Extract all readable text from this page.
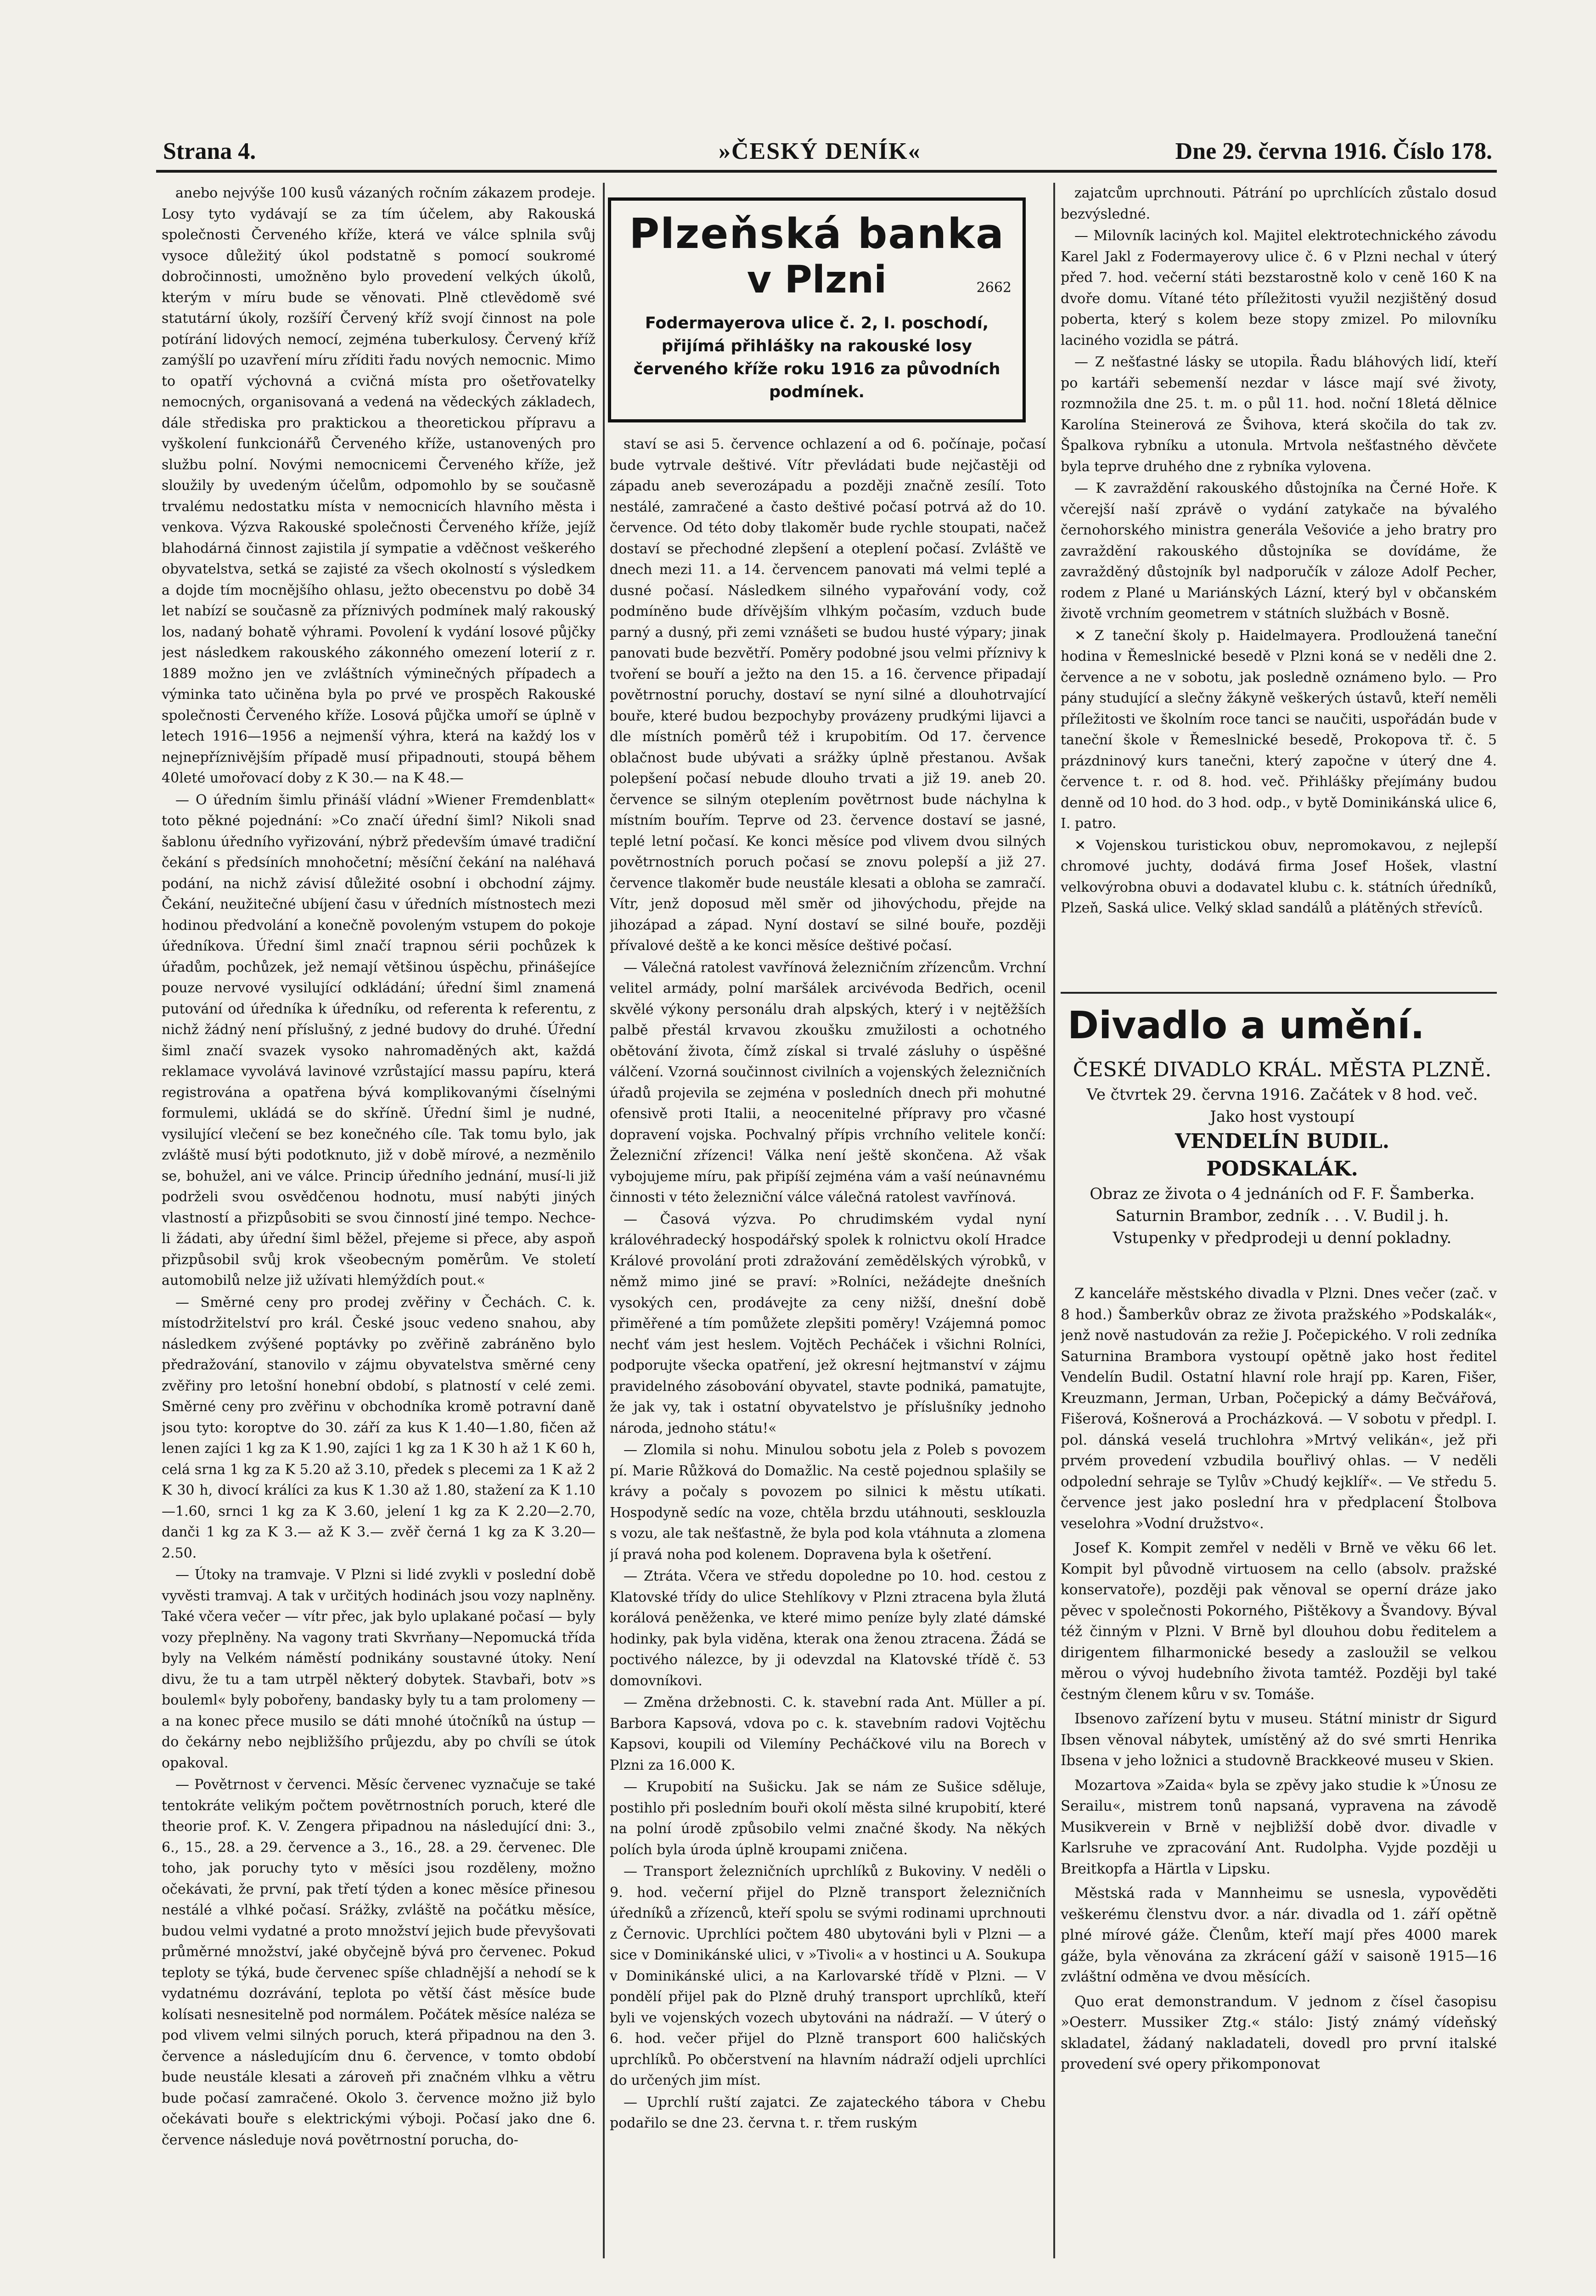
Strana 4.	»ČESKÝ DENÍK«	Dne 29. června 1916. Číslo 178.

anebo nejvýše 100 kusů vázaných ročním zákazem prodeje. Losy tyto vydávají se za tím účelem, aby Rakouská společnosti Červeného kříže, která ve válce splnila svůj vysoce důležitý úkol podstatně s pomocí soukromé dobročinnosti, umožněno bylo provedení velkých úkolů, kterým v míru bude se věnovati. Plně ctlevědomě své statutární úkoly, rozšíří Červený kříž svojí činnost na pole potírání lidových nemocí, zejména tuberkulosy. Červený kříž zamýšlí po uzavření míru zříditi řadu nových nemocnic. Mimo to opatří výchovná a cvičná místa pro ošetřovatelky nemocných, organisovaná a vedená na vědeckých základech, dále střediska pro praktickou a theoretickou přípravu a vyškolení funkcionářů Červeného kříže, ustanovených pro službu polní. Novými nemocnicemi Červeného kříže, jež sloužily by uvedeným účelům, odpomohlo by se současně trvalému nedostatku místa v nemocnicích hlavního města i venkova. Výzva Rakouské společnosti Červeného kříže, jejíž blahodárná činnost zajistila jí sympatie a vděčnost veškerého obyvatelstva, setká se zajisté za všech okolností s výsledkem a dojde tím mocnějšího ohlasu, ježto obecenstvu po době 34 let nabízí se současně za příznivých podmínek malý rakouský los, nadaný bohatě výhrami. Povolení k vydání losové půjčky jest následkem rakouského zákonného omezení loterií z r. 1889 možno jen ve zvláštních výminečných případech a výminka tato učiněna byla po prvé ve prospěch Rakouské společnosti Červeného kříže. Losová půjčka umoří se úplně v letech 1916—1956 a nejmenší výhra, která na každý los v nejnepříznivějším případě musí připadnouti, stoupá během 40leté umořovací doby z K 30.— na K 48.—

— O úředním šimlu přináší vládní »Wiener Fremdenblatt« toto pěkné pojednání: »Co značí úřední šiml? Nikoli snad šablonu úředního vyřizování, nýbrž především úmavé tradiční čekání s předsíních mnohočetní; měsíční čekání na naléhavá podání, na nichž závisí důležité osobní i obchodní zájmy. Čekání, neužitečné ubíjení času v úředních místnostech mezi hodinou předvolání a konečně povoleným vstupem do pokoje úředníkova. Úřední šiml značí trapnou sérii pochůzek k úřadům, pochůzek, jež nemají většinou úspěchu, přinášejíce pouze nervové vysilující odkládání; úřední šiml znamená putování od úředníka k úředníku, od referenta k referentu, z nichž žádný není příslušný, z jedné budovy do druhé. Úřední šiml značí svazek vysoko nahromaděných akt, každá reklamace vyvolává lavinové vzrůstající massu papíru, která registrována a opatřena bývá komplikovanými číselnými formulemi, ukládá se do skříně. Úřední šiml je nudné, vysilující vlečení se bez konečného cíle. Tak tomu bylo, jak zvláště musí býti podotknuto, již v době mírové, a nezměnilo se, bohužel, ani ve válce. Princip úředního jednání, musí-li již podrželi svou osvědčenou hodnotu, musí nabýti jiných vlastností a přizpůsobiti se svou činností jiné tempo. Nechce-li žádati, aby úřední šiml běžel, přejeme si přece, aby aspoň přizpůsobil svůj krok všeobecným poměrům. Ve století automobilů nelze již užívati hlemýždích pout.«

— Směrné ceny pro prodej zvěřiny v Čechách. C. k. místodržitelství pro král. České jsouc vedeno snahou, aby následkem zvýšené poptávky po zvěřině zabráněno bylo předražování, stanovilo v zájmu obyvatelstva směrné ceny zvěřiny pro letošní honební období, s platností v celé zemi. Směrné ceny pro zvěřinu v obchodníka kromě potravní daně jsou tyto: koroptve do 30. září za kus K 1.40—1.80, fičen až lenen zajíci 1 kg za K 1.90, zajíci 1 kg za 1 K 30 h až 1 K 60 h, celá srna 1 kg za K 5.20 až 3.10, předek s plecemi za 1 K až 2 K 30 h, divocí králíci za kus K 1.30 až 1.80, stažení za K 1.10—1.60, srnci 1 kg za K 3.60, jelení 1 kg za K 2.20—2.70, danči 1 kg za K 3.— až K 3.— zvěř černá 1 kg za K 3.20—2.50.

— Útoky na tramvaje. V Plzni si lidé zvykli v poslední době vyvěsti tramvaj. A tak v určitých hodinách jsou vozy naplněny. Také včera večer — vítr přec, jak bylo uplakané počasí — byly vozy přeplněny. Na vagony trati Skvrňany—Nepomucká třída byly na Velkém náměstí podnikány soustavné útoky. Není divu, že tu a tam utrpěl některý dobytek. Stavbaři, botv »s bouleml« byly pobořeny, bandasky byly tu a tam prolomeny — a na konec přece musilo se dáti mnohé útočníků na ústup — do čekárny nebo nejbližšího průjezdu, aby po chvíli se útok opakoval.

— Povětrnost v červenci. Měsíc červenec vyznačuje se také tentokráte velikým počtem povětrnostních poruch, které dle theorie prof. K. V. Zengera připadnou na následující dni: 3., 6., 15., 28. a 29. července a 3., 16., 28. a 29. červenec. Dle toho, jak poruchy tyto v měsíci jsou rozděleny, možno očekávati, že první, pak třetí týden a konec měsíce přinesou nestálé a vlhké počasí. Srážky, zvláště na počátku měsíce, budou velmi vydatné a proto množství jejich bude převyšovati průměrné množství, jaké obyčejně bývá pro červenec. Pokud teploty se týká, bude červenec spíše chladnější a nehodí se k vydatnému dozrávání, teplota po větší část měsíce bude kolísati nesnesitelně pod normálem. Počátek měsíce naléza se pod vlivem velmi silných poruch, která připadnou na den 3. července a následujícím dnu 6. července, v tomto období bude neustále klesati a zároveň při značném vlhku a větru bude počasí zamračené. Okolo 3. července možno již bylo očekávati bouře s elektrickými výboji. Počasí jako dne 6. července následuje nová povětrnostní porucha, do-

Plzeňská banka
v Plzni	2662
Fodermayerova ulice č. 2, I. poschodí, přijímá přihlášky na rakouské losy červeného kříže roku 1916 za původních podmínek.

staví se asi 5. července ochlazení a od 6. počínaje, počasí bude vytrvale deštivé. Vítr převládati bude nejčastěji od západu aneb severozápadu a později značně zesílí. Toto nestálé, zamračené a často deštivé počasí potrvá až do 10. července. Od této doby tlakoměr bude rychle stoupati, načež dostaví se přechodné zlepšení a oteplení počasí. Zvláště ve dnech mezi 11. a 14. červencem panovati má velmi teplé a dusné počasí. Následkem silného vypařování vody, což podmíněno bude dřívějším vlhkým počasím, vzduch bude parný a dusný, při zemi vznášeti se budou husté výpary; jinak panovati bude bezvětří. Poměry podobné jsou velmi příznivy k tvoření se bouří a ježto na den 15. a 16. července připadají povětrnostní poruchy, dostaví se nyní silné a dlouhotrvající bouře, které budou bezpochyby provázeny prudkými lijavci a dle místních poměrů též i krupobitím. Od 17. července oblačnost bude ubývati a srážky úplně přestanou. Avšak polepšení počasí nebude dlouho trvati a již 19. aneb 20. července se silným oteplením povětrnost bude náchylna k místním bouřím. Teprve od 23. července dostaví se jasné, teplé letní počasí. Ke konci měsíce pod vlivem dvou silných povětrnostních poruch počasí se znovu polepší a již 27. července tlakoměr bude neustále klesati a obloha se zamračí. Vítr, jenž doposud měl směr od jihovýchodu, přejde na jihozápad a západ. Nyní dostaví se silné bouře, později přívalové deště a ke konci měsíce deštivé počasí.

— Válečná ratolest vavřínová železničním zřízencům. Vrchní velitel armády, polní maršálek arcivévoda Bedřich, ocenil skvělé výkony personálu drah alpských, který i v nejtěžších palbě přestál krvavou zkoušku zmužilosti a ochotného obětování života, čímž získal si trvalé zásluhy o úspěšné válčení. Vzorná součinnost civilních a vojenských železničních úřadů projevila se zejména v posledních dnech při mohutné ofensivě proti Italii, a neocenitelné přípravy pro včasné dopravení vojska. Pochvalný přípis vrchního velitele končí: Železniční zřízenci! Válka není ještě skončena. Až však vybojujeme míru, pak připíší zejména vám a vaší neúnavnému činnosti v této železniční válce válečná ratolest vavřínová.

— Časová výzva. Po chrudimském vydal nyní královéhradecký hospodářský spolek k rolnictvu okolí Hradce Králové provolání proti zdražování zemědělských výrobků, v němž mimo jiné se praví: »Rolníci, nežádejte dnešních vysokých cen, prodávejte za ceny nižší, dnešní době přiměřené a tím pomůžete zlepšiti poměry! Vzájemná pomoc nechť vám jest heslem. Vojtěch Pecháček i všichni Rolníci, podporujte všecka opatření, jež okresní hejtmanství v zájmu pravidelného zásobování obyvatel, stavte podniká, pamatujte, že jak vy, tak i ostatní obyvatelstvo je příslušníky jednoho národa, jednoho státu!«

— Zlomila si nohu. Minulou sobotu jela z Poleb s povozem pí. Marie Růžková do Domažlic. Na cestě pojednou splašily se krávy a počaly s povozem po silnici k městu utíkati. Hospodyně sedíc na voze, chtěla brzdu utáhnouti, sesklouzla s vozu, ale tak nešťastně, že byla pod kola vtáhnuta a zlomena jí pravá noha pod kolenem. Dopravena byla k ošetření.

— Ztráta. Včera ve středu dopoledne po 10. hod. cestou z Klatovské třídy do ulice Stehlíkovy v Plzni ztracena byla žlutá korálová peněženka, ve které mimo peníze byly zlaté dámské hodinky, pak byla viděna, kterak ona ženou ztracena. Žádá se poctivého nálezce, by ji odevzdal na Klatovské třídě č. 53 domovníkovi.

— Změna držebnosti. C. k. stavební rada Ant. Müller a pí. Barbora Kapsová, vdova po c. k. stavebním radovi Vojtěchu Kapsovi, koupili od Vilemíny Pecháčkové vilu na Borech v Plzni za 16.000 K.

— Krupobití na Sušicku. Jak se nám ze Sušice sděluje, postihlo při posledním bouři okolí města silné krupobití, které na polní úrodě způsobilo velmi značné škody. Na někých polích byla úroda úplně kroupami zničena.

— Transport železničních uprchlíků z Bukoviny. V neděli o 9. hod. večerní přijel do Plzně transport železničních úředníků a zřízenců, kteří spolu se svými rodinami uprchnouti z Černovic. Uprchlíci počtem 480 ubytováni byli v Plzni — a sice v Dominikánské ulici, v »Tivoli« a v hostinci u A. Soukupa v Dominikánské ulici, a na Karlovarské třídě v Plzni. — V pondělí přijel pak do Plzně druhý transport uprchlíků, kteří byli ve vojenských vozech ubytováni na nádraží. — V úterý o 6. hod. večer přijel do Plzně transport 600 haličských uprchlíků. Po občerstvení na hlavním nádraží odjeli uprchlíci do určených jim míst.

— Uprchlí ruští zajatci. Ze zajateckého tábora v Chebu podařilo se dne 23. června t. r. třem ruským

zajatcům uprchnouti. Pátrání po uprchlících zůstalo dosud bezvýsledné.

— Milovník laciných kol. Majitel elektrotechnického závodu Karel Jakl z Fodermayerovy ulice č. 6 v Plzni nechal v úterý před 7. hod. večerní státi bezstarostně kolo v ceně 160 K na dvoře domu. Vítané této příležitosti využil nezjištěný dosud poberta, který s kolem beze stopy zmizel. Po milovníku laciného vozidla se pátrá.

— Z nešťastné lásky se utopila. Řadu bláhových lidí, kteří po kartáři sebemenší nezdar v lásce mají své životy, rozmnožila dne 25. t. m. o půl 11. hod. noční 18letá dělnice Karolína Steinerová ze Švihova, která skočila do tak zv. Špalkova rybníku a utonula. Mrtvola nešťastného děvčete byla teprve druhého dne z rybníka vylovena.

— K zavraždění rakouského důstojníka na Černé Hoře. K včerejší naší zprávě o vydání zatykače na bývalého černohorského ministra generála Vešoviće a jeho bratry pro zavraždění rakouského důstojníka se dovídáme, že zavražděný důstojník byl nadporučík v záloze Adolf Pecher, rodem z Plané u Mariánských Lázní, který byl v občanském životě vrchním geometrem v státních službách v Bosně.

✕ Z taneční školy p. Haidelmayera. Prodloužená taneční hodina v Řemeslnické besedě v Plzni koná se v neděli dne 2. července a ne v sobotu, jak posledně oznámeno bylo. — Pro pány studující a slečny žákyně veškerých ústavů, kteří neměli příležitosti ve školním roce tanci se naučiti, uspořádán bude v taneční škole v Řemeslnické besedě, Prokopova tř. č. 5 prázdninový kurs tanečni, který započne v úterý dne 4. července t. r. od 8. hod. več. Přihlášky přejímány budou denně od 10 hod. do 3 hod. odp., v bytě Dominikánská ulice 6, I. patro.

✕ Vojenskou turistickou obuv, nepromokavou, z nejlepší chromové juchty, dodává firma Josef Hošek, vlastní velkovýrobna obuvi a dodavatel klubu c. k. státních úředníků, Plzeň, Saská ulice. Velký sklad sandálů a plátěných střevíců.

Divadlo a umění.
ČESKÉ DIVADLO KRÁL. MĚSTA PLZNĚ.
Ve čtvrtek 29. června 1916. Začátek v 8 hod. več.
Jako host vystoupí
VENDELÍN BUDIL.
PODSKALÁK.
Obraz ze života o 4 jednáních od F. F. Šamberka.
Saturnin Brambor, zedník . . . V. Budil j. h.
Vstupenky v předprodeji u denní pokladny.

Z kanceláře městského divadla v Plzni. Dnes večer (zač. v 8 hod.) Šamberkův obraz ze života pražského »Podskalák«, jenž nově nastudován za režie J. Počepického. V roli zedníka Saturnina Brambora vystoupí opětně jako host ředitel Vendelín Budil. Ostatní hlavní role hrají pp. Karen, Fišer, Kreuzmann, Jerman, Urban, Počepický a dámy Bečvářová, Fišerová, Košnerová a Procházková. — V sobotu v předpl. I. pol. dánská veselá truchlohra »Mrtvý velikán«, jež při prvém provedení vzbudila bouřlivý ohlas. — V neděli odpolední sehraje se Tylův »Chudý kejklíř«. — Ve středu 5. července jest jako poslední hra v předplacení Štolbova veselohra »Vodní družstvo«.

Josef K. Kompit zemřel v neděli v Brně ve věku 66 let. Kompit byl původně virtuosem na cello (absolv. pražské konservatoře), později pak věnoval se operní dráze jako pěvec v společnosti Pokorného, Pištěkovy a Švandovy. Býval též činným v Plzni. V Brně byl dlouhou dobu ředitelem a dirigentem filharmonické besedy a zasloužil se velkou měrou o vývoj hudebního života tamtéž. Později byl také čestným členem kůru v sv. Tomáše.

Ibsenovo zařízení bytu v museu. Státní ministr dr Sigurd Ibsen věnoval nábytek, umístěný až do své smrti Henrika Ibsena v jeho ložnici a studovně Brackkeové museu v Skien.

Mozartova »Zaida« byla se zpěvy jako studie k »Únosu ze Serailu«, mistrem tonů napsaná, vypravena na závodě Musikverein v Brně v nejbližší době dvor. divadle v Karlsruhe ve zpracování Ant. Rudolpha. Vyjde později u Breitkopfa a Härtla v Lipsku.

Městská rada v Mannheimu se usnesla, vypověděti veškerému členstvu dvor. a nár. divadla od 1. září opětně plné mírové gáže. Členům, kteří mají přes 4000 marek gáže, byla věnována za zkrácení gáží v saisoně 1915—16 zvláštní odměna ve dvou měsících.

Quo erat demonstrandum. V jednom z čísel časopisu »Oesterr. Mussiker Ztg.« stálo: Jistý známý vídeňský skladatel, žádaný nakladateli, dovedl pro první italské provedení své opery přikomponovat
